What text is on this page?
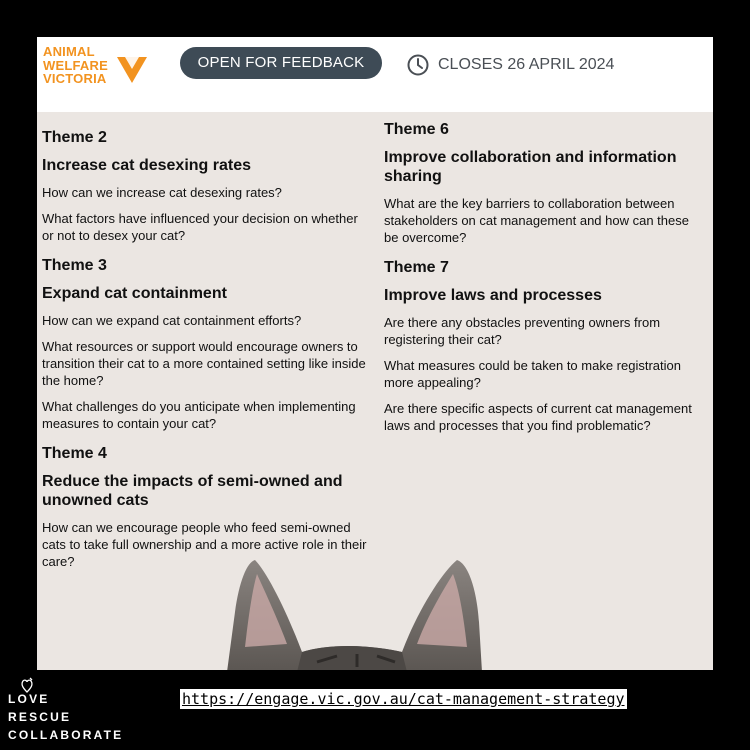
ANIMAL
WELFARE VICTORIA
OPEN FOR FEEDBACK	CLOSES 26 APRIL 2024
Theme 2
Increase cat desexing rates
How can we increase cat desexing rates?
What factors have influenced your decision on whether or not to desex your cat?
Theme 3
Expand cat containment
How can we expand cat containment efforts?
What resources or support would encourage owners to transition their cat to a more contained setting like inside the home?
What challenges do you anticipate when implementing measures to contain your cat?
Theme 4
Reduce the impacts of semi-owned and unowned cats
How can we encourage people who feed semi-owned cats to take full ownership and a more active role in their care?
Theme 6
Improve collaboration and information sharing
What are the key barriers to collaboration between stakeholders on cat management and how can these be overcome?
Theme 7
Improve laws and processes
Are there any obstacles preventing owners from registering their cat?
What measures could be taken to make registration more appealing?
Are there specific aspects of current cat management laws and processes that you find problematic?
LOVE
RESCUE
COLLABORATE
https://engage.vic.gov.au/cat-management-strategy
